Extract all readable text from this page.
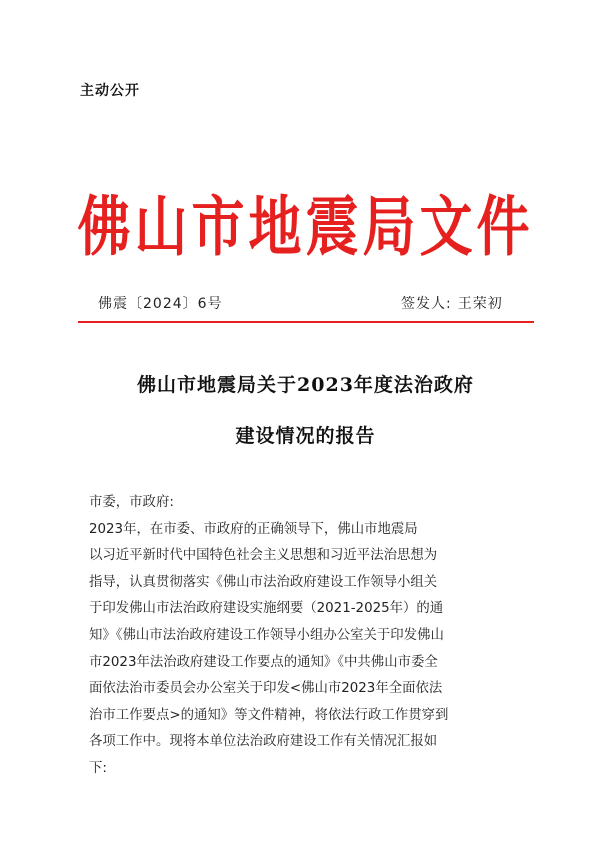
主动公开
佛山市地震局文件
佛震〔2024〕6号	签发人: 王荣初
佛山市地震局关于2023年度法治政府
建设情况的报告
市委，市政府:
2023年，在市委、市政府的正确领导下，佛山市地震局
以习近平新时代中国特色社会主义思想和习近平法治思想为
指导，认真贯彻落实《佛山市法治政府建设工作领导小组关
于印发佛山市法治政府建设实施纲要（2021-2025年）的通
知》《佛山市法治政府建设工作领导小组办公室关于印发佛山
市2023年法治政府建设工作要点的通知》《中共佛山市委全
面依法治市委员会办公室关于印发<佛山市2023年全面依法
治市工作要点>的通知》等文件精神，将依法行政工作贯穿到
各项工作中。现将本单位法治政府建设工作有关情况汇报如
下:
